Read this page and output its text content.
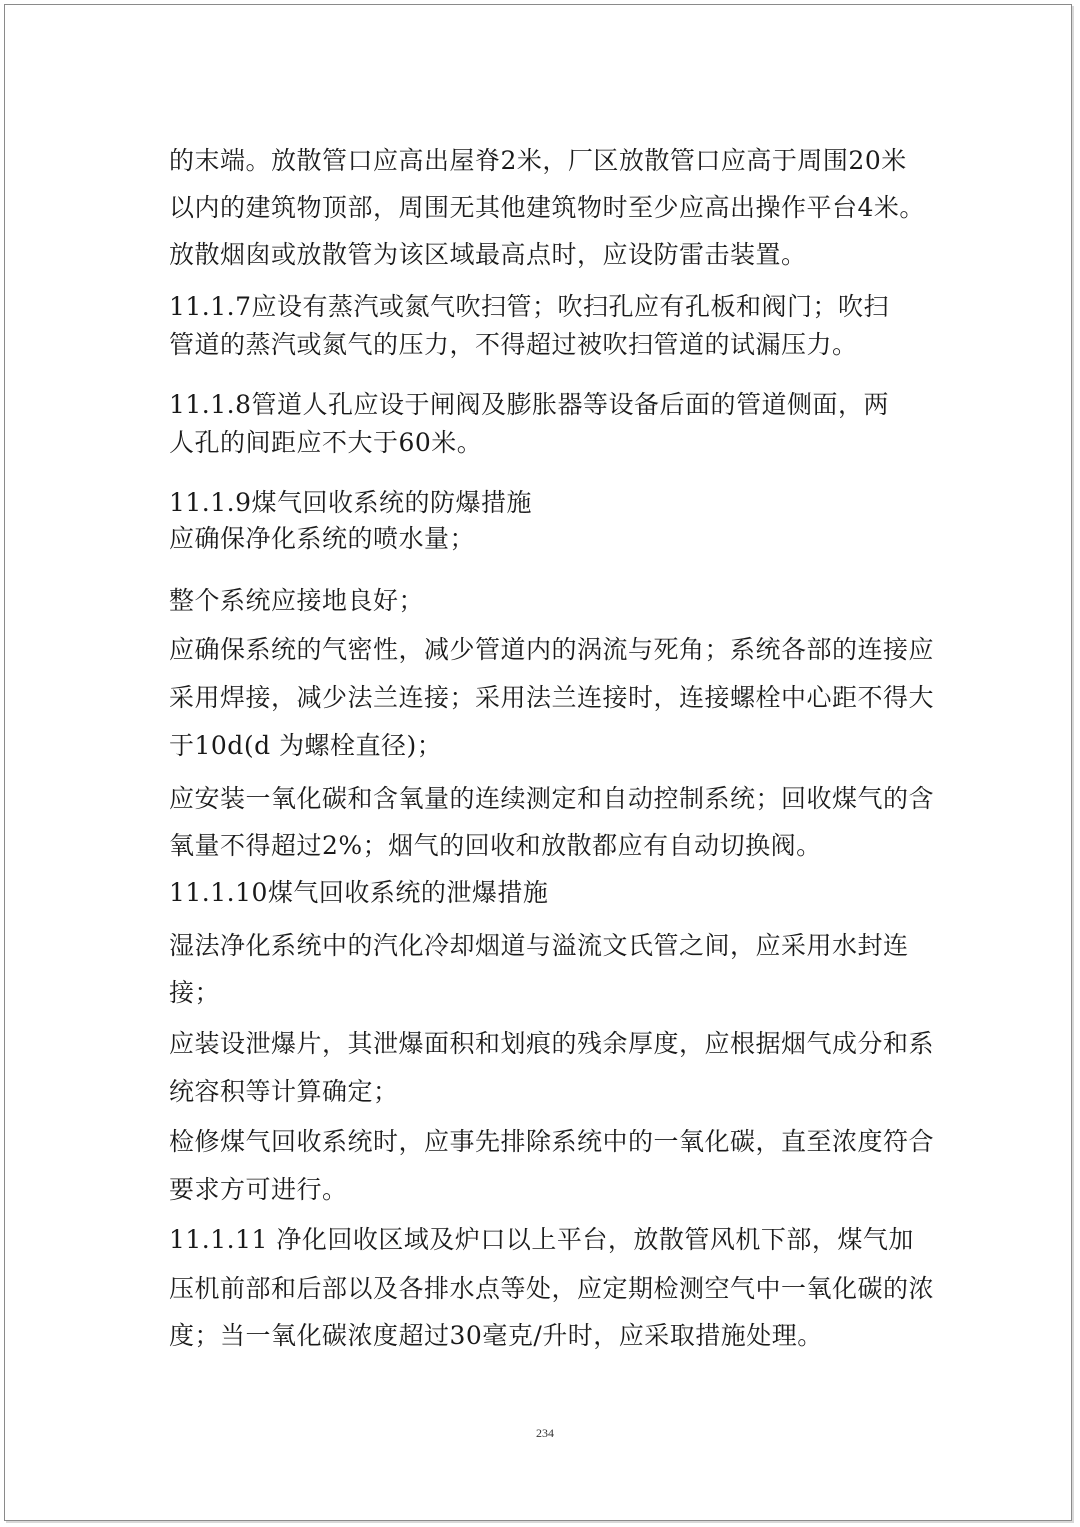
的末端。放散管口应高出屋脊2米，厂区放散管口应高于周围20米
以内的建筑物顶部，周围无其他建筑物时至少应高出操作平台4米。
放散烟囱或放散管为该区域最高点时，应设防雷击装置。
11.1.7应设有蒸汽或氮气吹扫管；吹扫孔应有孔板和阀门；吹扫
管道的蒸汽或氮气的压力，不得超过被吹扫管道的试漏压力。
11.1.8管道人孔应设于闸阀及膨胀器等设备后面的管道侧面，两
人孔的间距应不大于60米。
11.1.9煤气回收系统的防爆措施
应确保净化系统的喷水量；
整个系统应接地良好；
应确保系统的气密性，减少管道内的涡流与死角；系统各部的连接应
采用焊接，减少法兰连接；采用法兰连接时，连接螺栓中心距不得大
于10d(d 为螺栓直径)；
应安装一氧化碳和含氧量的连续测定和自动控制系统；回收煤气的含
氧量不得超过2%；烟气的回收和放散都应有自动切换阀。
11.1.10煤气回收系统的泄爆措施
湿法净化系统中的汽化冷却烟道与溢流文氏管之间，应采用水封连
接；
应装设泄爆片，其泄爆面积和划痕的残余厚度，应根据烟气成分和系
统容积等计算确定；
检修煤气回收系统时，应事先排除系统中的一氧化碳，直至浓度符合
要求方可进行。
11.1.11 净化回收区域及炉口以上平台，放散管风机下部，煤气加
压机前部和后部以及各排水点等处，应定期检测空气中一氧化碳的浓
度；当一氧化碳浓度超过30毫克/升时，应采取措施处理。
234
